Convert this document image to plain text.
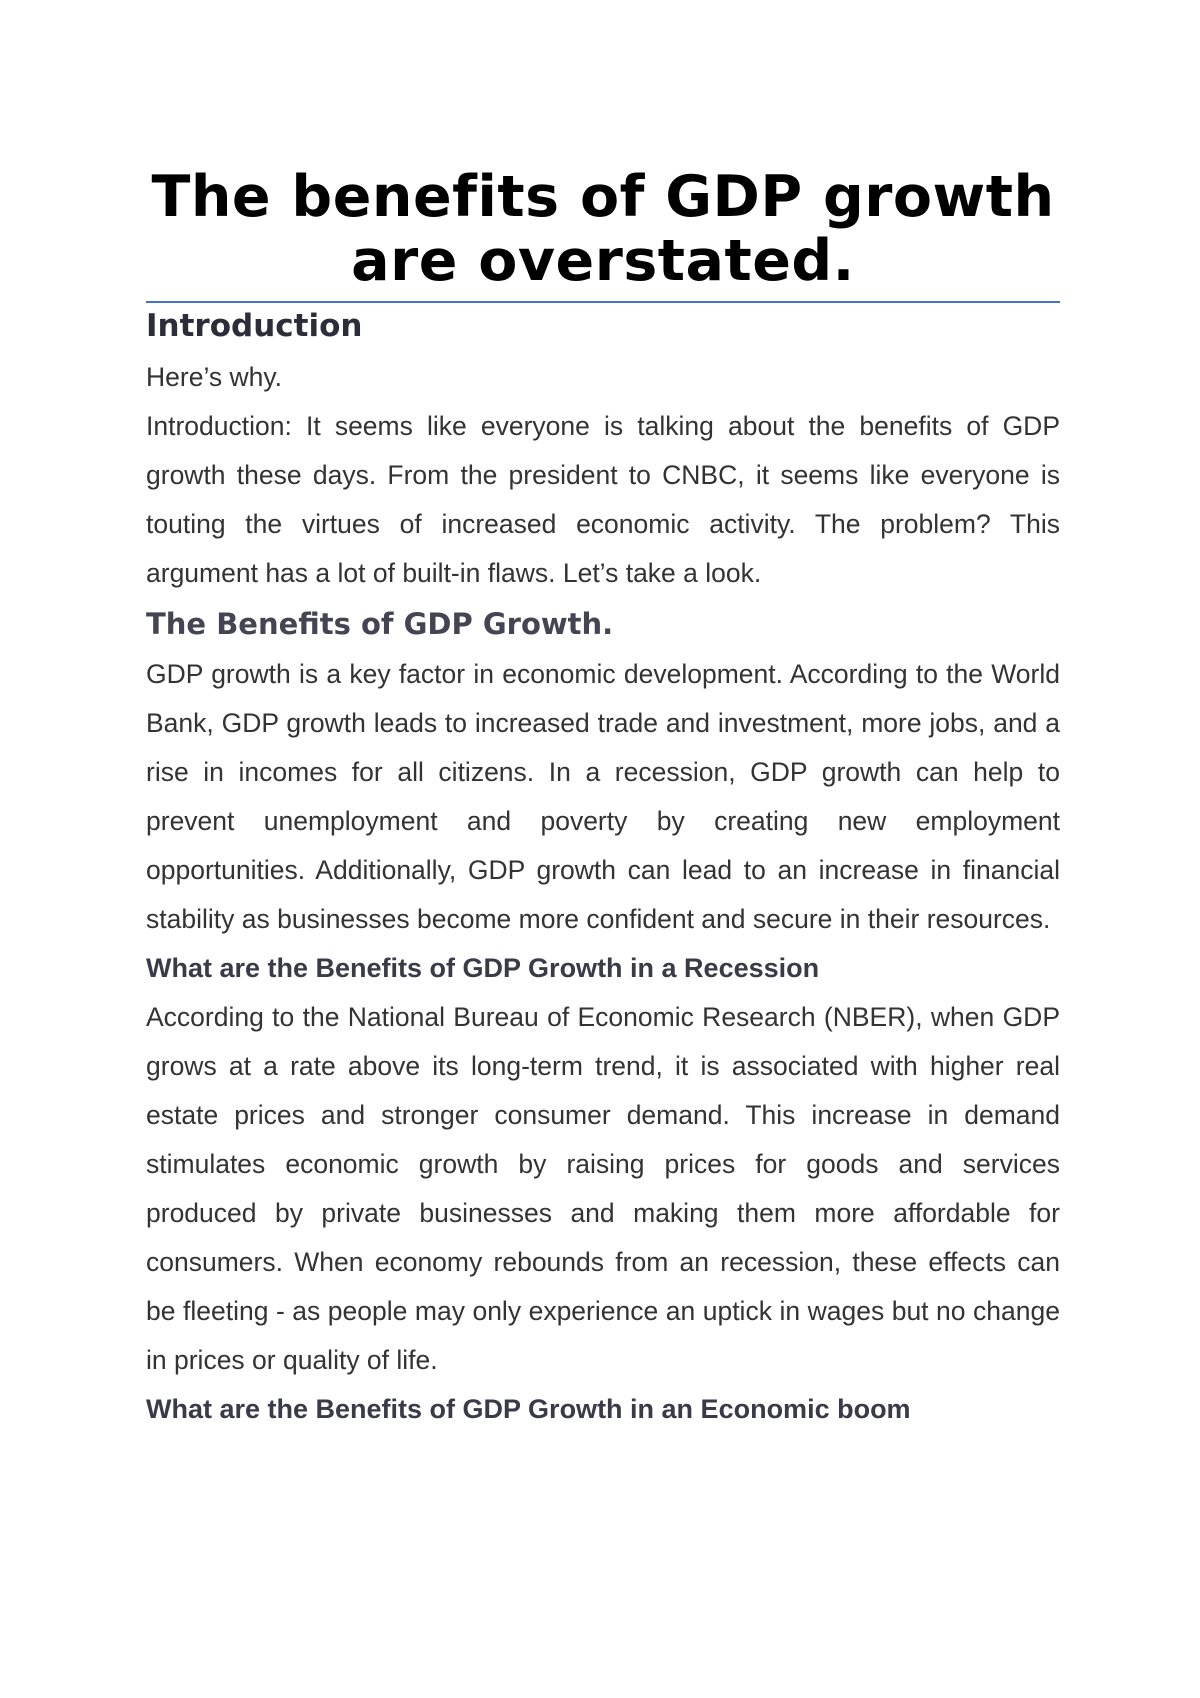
The benefits of GDP growth are overstated.
Introduction

Here’s why.

Introduction: It seems like everyone is talking about the benefits of GDP growth these days. From the president to CNBC, it seems like everyone is touting the virtues of increased economic activity. The problem? This argument has a lot of built-in flaws. Let’s take a look.

The Benefits of GDP Growth.

GDP growth is a key factor in economic development. According to the World Bank, GDP growth leads to increased trade and investment, more jobs, and a rise in incomes for all citizens. In a recession, GDP growth can help to prevent unemployment and poverty by creating new employment opportunities. Additionally, GDP growth can lead to an increase in financial stability as businesses become more confident and secure in their resources.

What are the Benefits of GDP Growth in a Recession

According to the National Bureau of Economic Research (NBER), when GDP grows at a rate above its long-term trend, it is associated with higher real estate prices and stronger consumer demand. This increase in demand stimulates economic growth by raising prices for goods and services produced by private businesses and making them more affordable for consumers. When economy rebounds from an recession, these effects can be fleeting - as people may only experience an uptick in wages but no change in prices or quality of life.

What are the Benefits of GDP Growth in an Economic boom
